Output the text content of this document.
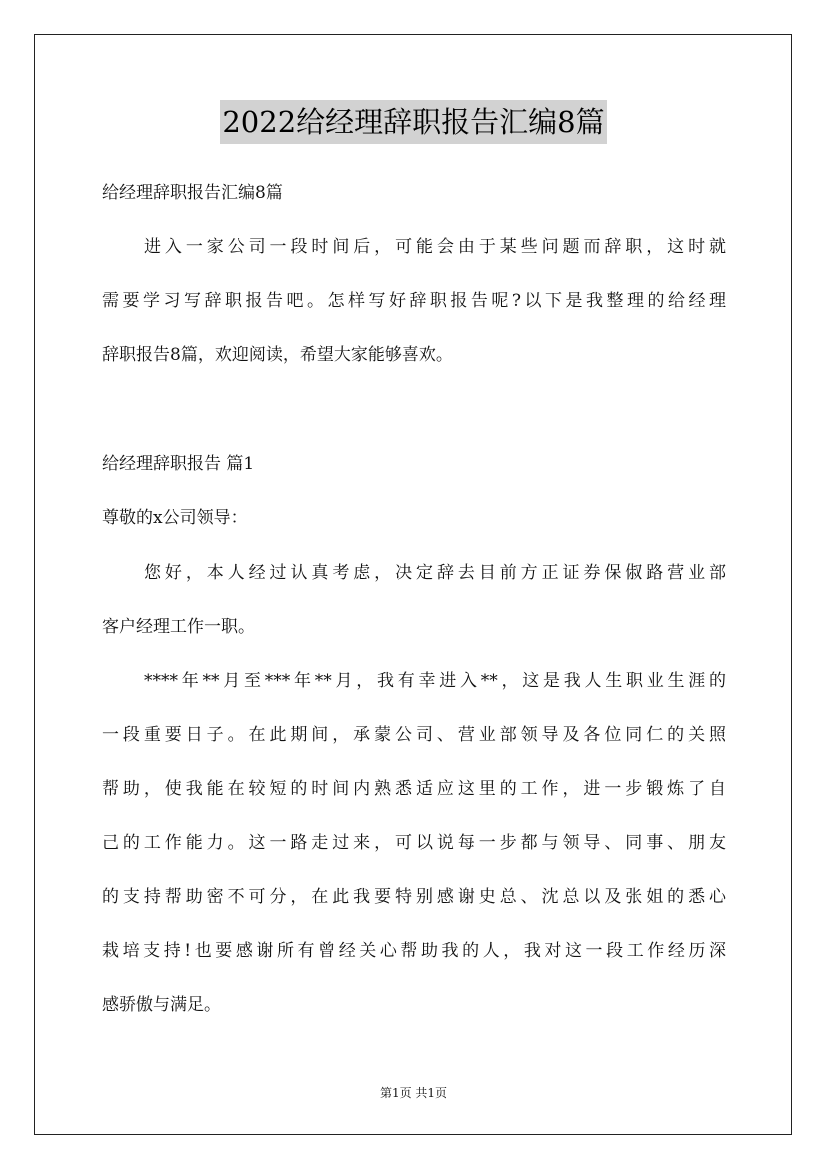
2022给经理辞职报告汇编8篇

给经理辞职报告汇编8篇

进入一家公司一段时间后，可能会由于某些问题而辞职，这时就

需要学习写辞职报告吧。怎样写好辞职报告呢?以下是我整理的给经理

辞职报告8篇，欢迎阅读，希望大家能够喜欢。

给经理辞职报告 篇1

尊敬的x公司领导：

您好，本人经过认真考虑，决定辞去目前方正证券保俶路营业部

客户经理工作一职。

****年**月至***年**月，我有幸进入**，这是我人生职业生涯的

一段重要日子。在此期间，承蒙公司、营业部领导及各位同仁的关照

帮助，使我能在较短的时间内熟悉适应这里的工作，进一步锻炼了自

己的工作能力。这一路走过来，可以说每一步都与领导、同事、朋友

的支持帮助密不可分，在此我要特别感谢史总、沈总以及张姐的悉心

栽培支持!也要感谢所有曾经关心帮助我的人，我对这一段工作经历深

感骄傲与满足。

第1页 共1页
